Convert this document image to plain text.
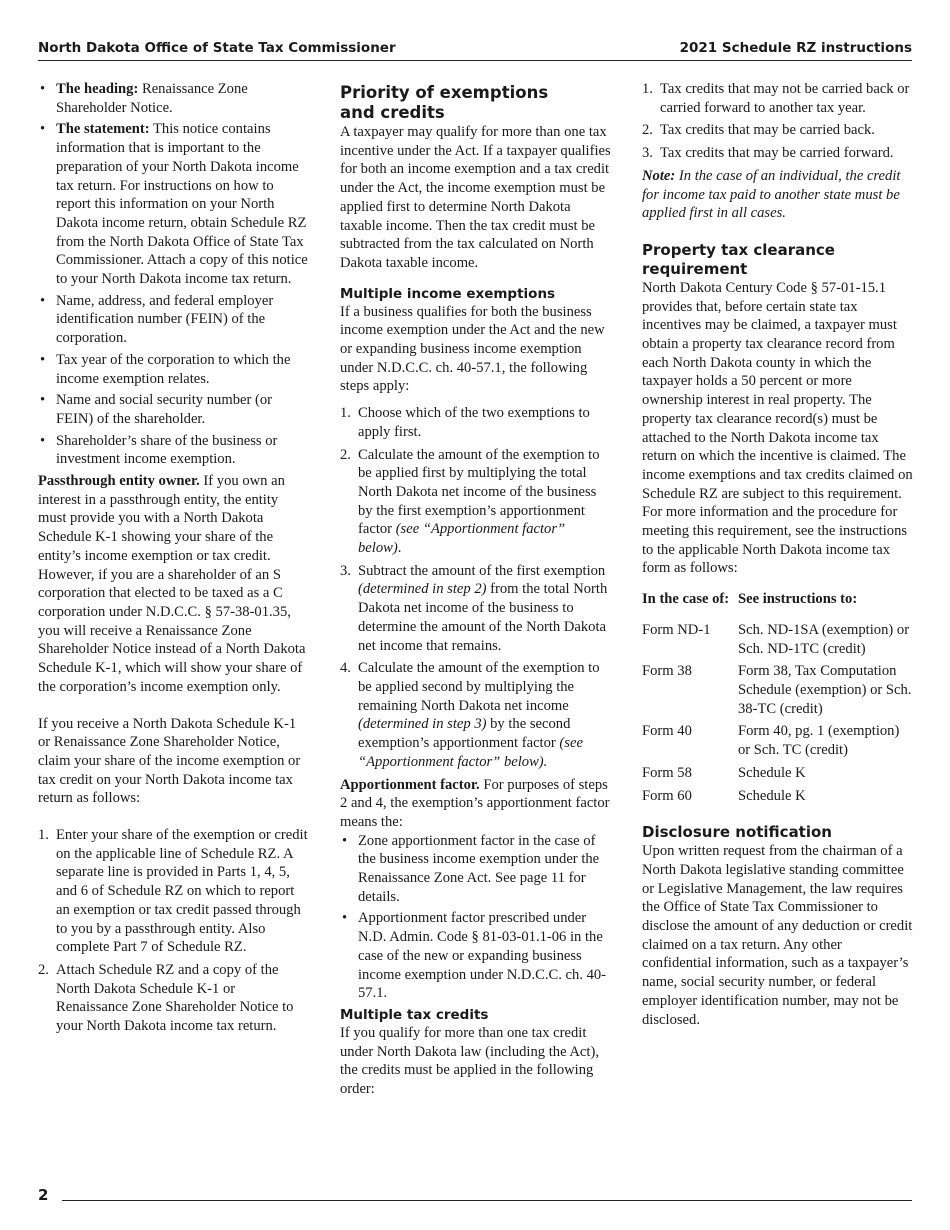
North Dakota Office of State Tax Commissioner	2021 Schedule RZ instructions
• The heading: Renaissance Zone Shareholder Notice.
• The statement: This notice contains information that is important to the preparation of your North Dakota income tax return. For instructions on how to report this information on your North Dakota income return, obtain Schedule RZ from the North Dakota Office of State Tax Commissioner. Attach a copy of this notice to your North Dakota income tax return.
• Name, address, and federal employer identification number (FEIN) of the corporation.
• Tax year of the corporation to which the income exemption relates.
• Name and social security number (or FEIN) of the shareholder.
• Shareholder’s share of the business or investment income exemption.

Passthrough entity owner. If you own an interest in a passthrough entity, the entity must provide you with a North Dakota Schedule K-1 showing your share of the entity’s income exemption or tax credit. However, if you are a shareholder of an S corporation that elected to be taxed as a C corporation under N.D.C.C. § 57-38-01.35, you will receive a Renaissance Zone Shareholder Notice instead of a North Dakota Schedule K-1, which will show your share of the corporation’s income exemption only.

If you receive a North Dakota Schedule K-1 or Renaissance Zone Shareholder Notice, claim your share of the income exemption or tax credit on your North Dakota income tax return as follows:

1. Enter your share of the exemption or credit on the applicable line of Schedule RZ. A separate line is provided in Parts 1, 4, 5, and 6 of Schedule RZ on which to report an exemption or tax credit passed through to you by a passthrough entity. Also complete Part 7 of Schedule RZ.
2. Attach Schedule RZ and a copy of the North Dakota Schedule K-1 or Renaissance Zone Shareholder Notice to your North Dakota income tax return.
Priority of exemptions
and credits

A taxpayer may qualify for more than one tax incentive under the Act. If a taxpayer qualifies for both an income exemption and a tax credit under the Act, the income exemption must be applied first to determine North Dakota taxable income. Then the tax credit must be subtracted from the tax calculated on North Dakota taxable income.

Multiple income exemptions

If a business qualifies for both the business income exemption under the Act and the new or expanding business income exemption under N.D.C.C. ch. 40-57.1, the following steps apply:

1. Choose which of the two exemptions to apply first.
2. Calculate the amount of the exemption to be applied first by multiplying the total North Dakota net income of the business by the first exemption’s apportionment factor (see “Apportionment factor” below).
3. Subtract the amount of the first exemption (determined in step 2) from the total North Dakota net income of the business to determine the amount of the North Dakota net income that remains.
4. Calculate the amount of the exemption to be applied second by multiplying the remaining North Dakota net income (determined in step 3) by the second exemption’s apportionment factor (see “Apportionment factor” below).

Apportionment factor. For purposes of steps 2 and 4, the exemption’s apportionment factor means the:

• Zone apportionment factor in the case of the business income exemption under the Renaissance Zone Act. See page 11 for details.
• Apportionment factor prescribed under N.D. Admin. Code § 81-03-01.1-06 in the case of the new or expanding business income exemption under N.D.C.C. ch. 40-57.1.
Multiple tax credits

If you qualify for more than one tax credit under North Dakota law (including the Act), the credits must be applied in the following order:

1. Tax credits that may not be carried back or carried forward to another tax year.
2. Tax credits that may be carried back.
3. Tax credits that may be carried forward.

Note: In the case of an individual, the credit for income tax paid to another state must be applied first in all cases.

Property tax clearance
requirement

North Dakota Century Code § 57-01-15.1 provides that, before certain state tax incentives may be claimed, a taxpayer must obtain a property tax clearance record from each North Dakota county in which the taxpayer holds a 50 percent or more ownership interest in real property. The property tax clearance record(s) must be attached to the North Dakota income tax return on which the incentive is claimed. The income exemptions and tax credits claimed on Schedule RZ are subject to this requirement. For more information and the procedure for meeting this requirement, see the instructions to the applicable North Dakota income tax form as follows:

In the case of:	See instructions to:
Form ND-1	Sch. ND-1SA (exemption) or Sch. ND-1TC (credit)
Form 38	Form 38, Tax Computation Schedule (exemption) or Sch. 38-TC (credit)
Form 40	Form 40, pg. 1 (exemption) or Sch. TC (credit)
Form 58	Schedule K
Form 60	Schedule K
Disclosure notification

Upon written request from the chairman of a North Dakota legislative standing committee or Legislative Management, the law requires the Office of State Tax Commissioner to disclose the amount of any deduction or credit claimed on a tax return. Any other confidential information, such as a taxpayer’s name, social security number, or federal employer identification number, may not be disclosed.

2
